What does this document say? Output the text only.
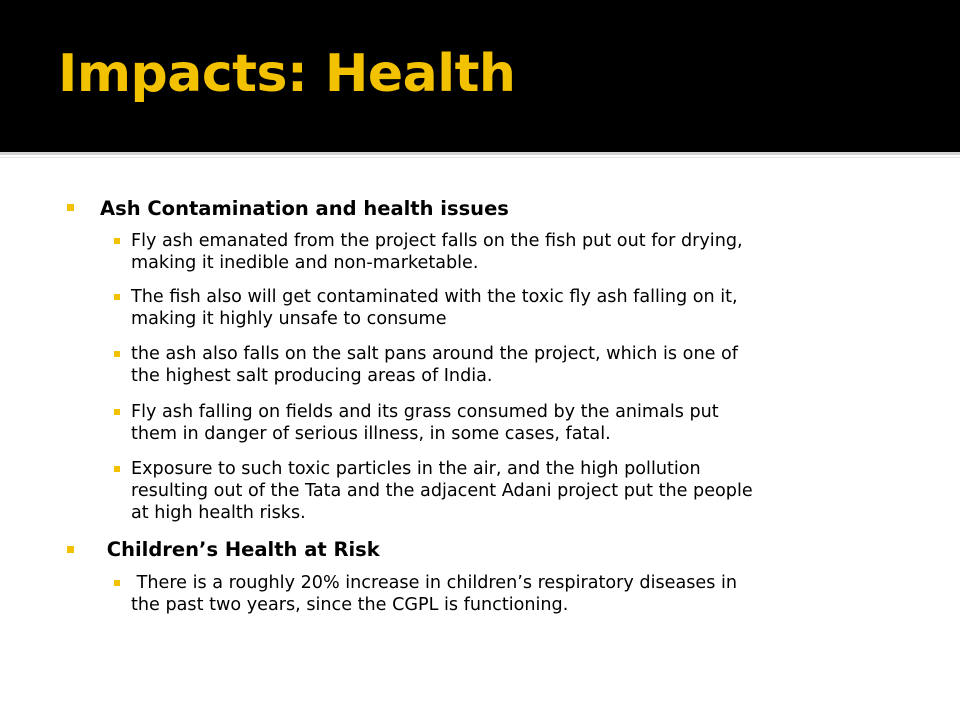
Impacts: Health
Ash Contamination and health issues
Fly ash emanated from the project falls on the fish put out for drying,
making it inedible and non-marketable.
The fish also will get contaminated with the toxic fly ash falling on it,
making it highly unsafe to consume
the ash also falls on the salt pans around the project, which is one of
the highest salt producing areas of India.
Fly ash falling on fields and its grass consumed by the animals put
them in danger of serious illness, in some cases, fatal.
Exposure to such toxic particles in the air, and the high pollution
resulting out of the Tata and the adjacent Adani project put the people
at high health risks.
Children’s Health at Risk
There is a roughly 20% increase in children’s respiratory diseases in
the past two years, since the CGPL is functioning.
